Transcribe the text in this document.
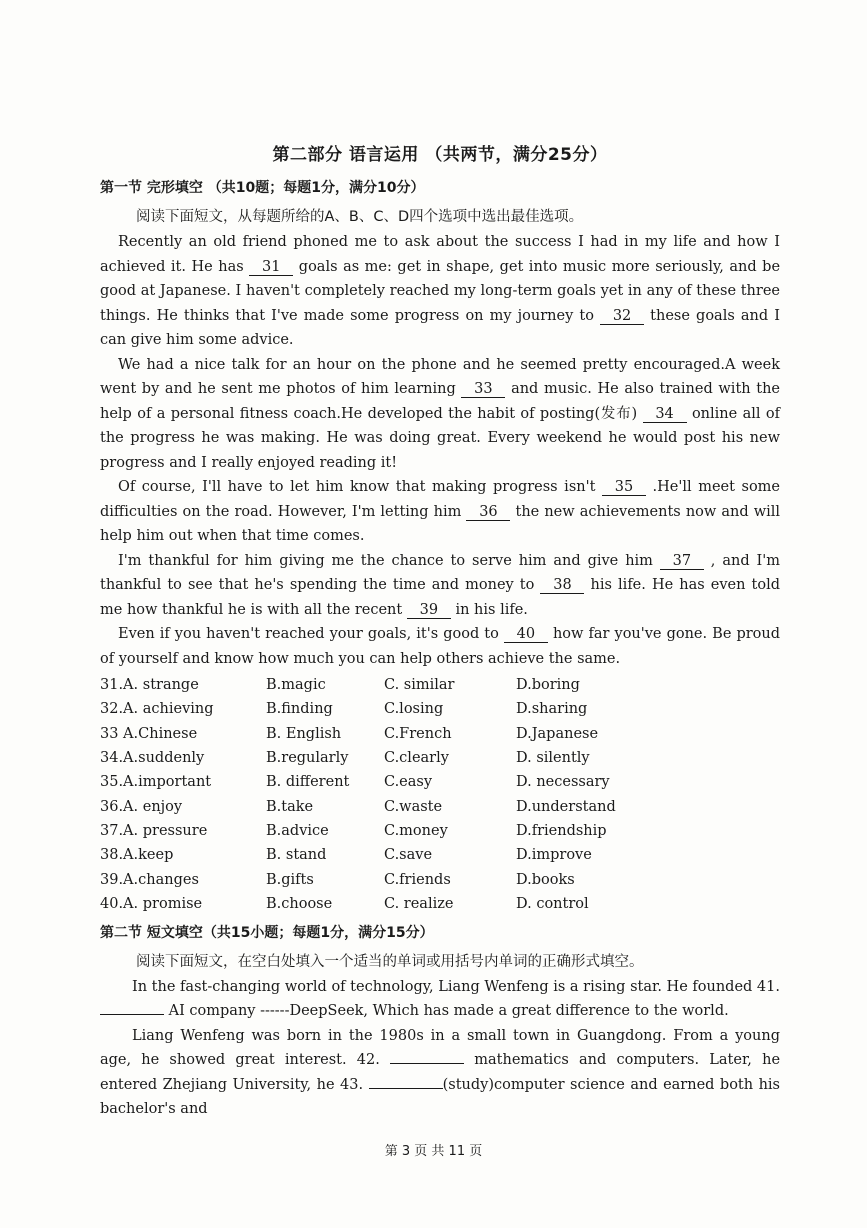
第二部分 语言运用 （共两节，满分25分）
第一节 完形填空 （共10题；每题1分，满分10分）
阅读下面短文，从每题所给的A、B、C、D四个选项中选出最佳选项。

Recently an old friend phoned me to ask about the success I had in my life and how I achieved it. He has 31 goals as me: get in shape, get into music more seriously, and be good at Japanese. I haven't completely reached my long-term goals yet in any of these three things. He thinks that I've made some progress on my journey to 32 these goals and I can give him some advice.

We had a nice talk for an hour on the phone and he seemed pretty encouraged.A week went by and he sent me photos of him learning 33 and music. He also trained with the help of a personal fitness coach.He developed the habit of posting(发布) 34 online all of the progress he was making. He was doing great. Every weekend he would post his new progress and I really enjoyed reading it!

Of course, I'll have to let him know that making progress isn't 35 .He'll meet some difficulties on the road. However, I'm letting him 36 the new achievements now and will help him out when that time comes.

I'm thankful for him giving me the chance to serve him and give him 37 , and I'm thankful to see that he's spending the time and money to 38 his life. He has even told me how thankful he is with all the recent 39 in his life.

Even if you haven't reached your goals, it's good to 40 how far you've gone. Be proud of yourself and know how much you can help others achieve the same.

31.A. strange	B.magic	C. similar	D.boring
32.A. achieving	B.finding	C.losing	D.sharing
33 A.Chinese	B. English	C.French	D.Japanese
34.A.suddenly	B.regularly	C.clearly	D. silently
35.A.important	B. different	C.easy	D. necessary
36.A. enjoy	B.take	C.waste	D.understand
37.A. pressure	B.advice	C.money	D.friendship
38.A.keep	B. stand	C.save	D.improve
39.A.changes	B.gifts	C.friends	D.books
40.A. promise	B.choose	C. realize	D. control
第二节 短文填空（共15小题；每题1分，满分15分）
阅读下面短文，在空白处填入一个适当的单词或用括号内单词的正确形式填空。

In the fast-changing world of technology, Liang Wenfeng is a rising star. He founded 41.  AI company ------DeepSeek, Which has made a great difference to the world.

Liang Wenfeng was born in the 1980s in a small town in Guangdong. From a young age, he showed great interest. 42.	mathematics and computers. Later, he entered Zhejiang University, he 43.	(study)computer science and earned both his bachelor's and

第 3 页 共 11 页
